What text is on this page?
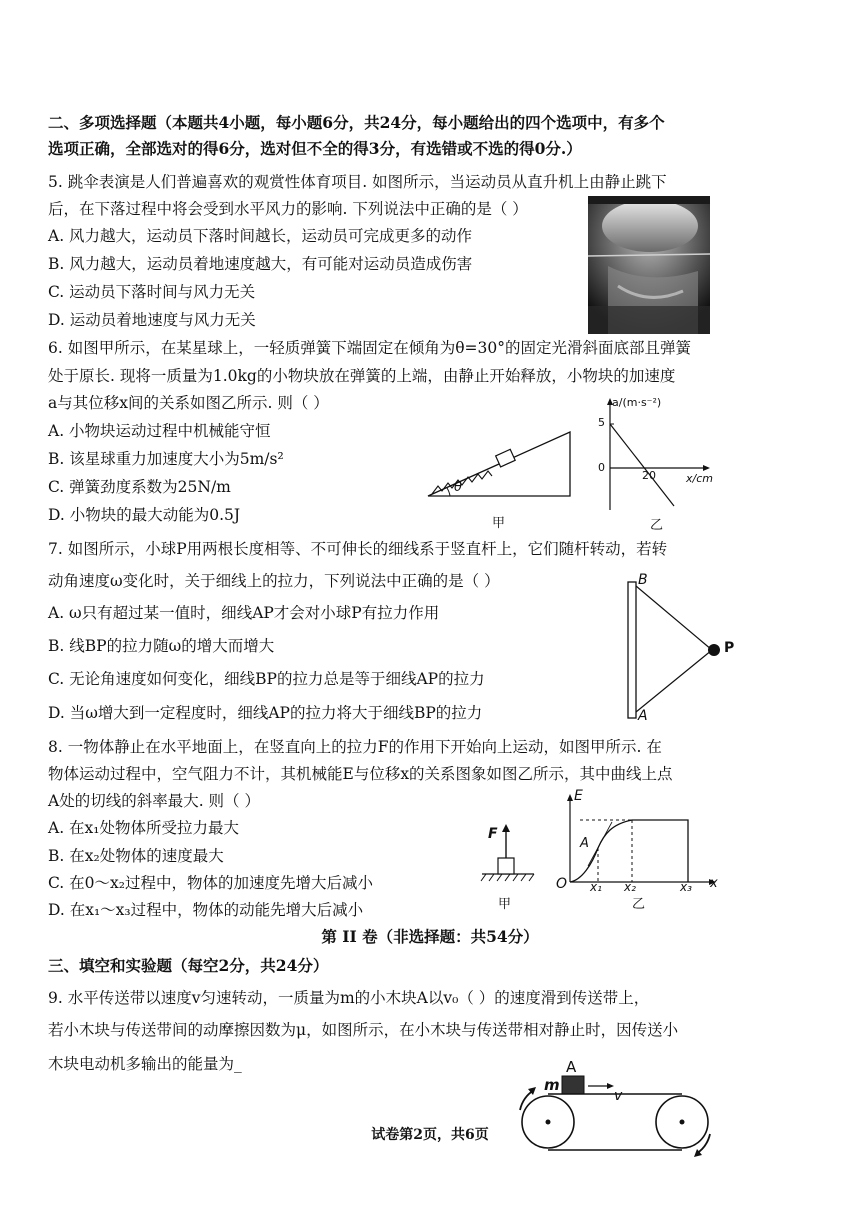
二、多项选择题（本题共4小题，每小题6分，共24分，每小题给出的四个选项中，有多个
选项正确，全部选对的得6分，选对但不全的得3分，有选错或不选的得0分.）
5. 跳伞表演是人们普遍喜欢的观赏性体育项目. 如图所示，当运动员从直升机上由静止跳下
后，在下落过程中将会受到水平风力的影响. 下列说法中正确的是（ ）
A. 风力越大，运动员下落时间越长，运动员可完成更多的动作
B. 风力越大，运动员着地速度越大，有可能对运动员造成伤害
C. 运动员下落时间与风力无关
D. 运动员着地速度与风力无关
6. 如图甲所示，在某星球上，一轻质弹簧下端固定在倾角为θ=30°的固定光滑斜面底部且弹簧
处于原长. 现将一质量为1.0kg的小物块放在弹簧的上端，由静止开始释放，小物块的加速度
a与其位移x间的关系如图乙所示. 则（ ）
A. 小物块运动过程中机械能守恒
B. 该星球重力加速度大小为5m/s²
C. 弹簧劲度系数为25N/m
D. 小物块的最大动能为0.5J
θ
甲
a/(m·s⁻²)
5
0
20	x/cm
乙
7. 如图所示，小球P用两根长度相等、不可伸长的细线系于竖直杆上，它们随杆转动，若转
动角速度ω变化时，关于细线上的拉力，下列说法中正确的是（ ）
A. ω只有超过某一值时，细线AP才会对小球P有拉力作用
B. 线BP的拉力随ω的增大而增大
C. 无论角速度如何变化，细线BP的拉力总是等于细线AP的拉力
D. 当ω增大到一定程度时，细线AP的拉力将大于细线BP的拉力
B
A
P
8. 一物体静止在水平地面上，在竖直向上的拉力F的作用下开始向上运动，如图甲所示. 在
物体运动过程中，空气阻力不计，其机械能E与位移x的关系图象如图乙所示，其中曲线上点
A处的切线的斜率最大. 则（ ）
A. 在x₁处物体所受拉力最大
B. 在x₂处物体的速度最大
C. 在0～x₂过程中，物体的加速度先增大后减小
D. 在x₁～x₃过程中，物体的动能先增大后减小
F
甲
E
O
A
x₁ x₂	x₃ x
乙
第 II 卷（非选择题：共54分）
三、填空和实验题（每空2分，共24分）
9. 水平传送带以速度v匀速转动，一质量为m的小木块A以v₀（ ）的速度滑到传送带上，
若小木块与传送带间的动摩擦因数为μ，如图所示，在小木块与传送带相对静止时，因传送小
木块电动机多输出的能量为_	A
m
v
试卷第2页，共6页
